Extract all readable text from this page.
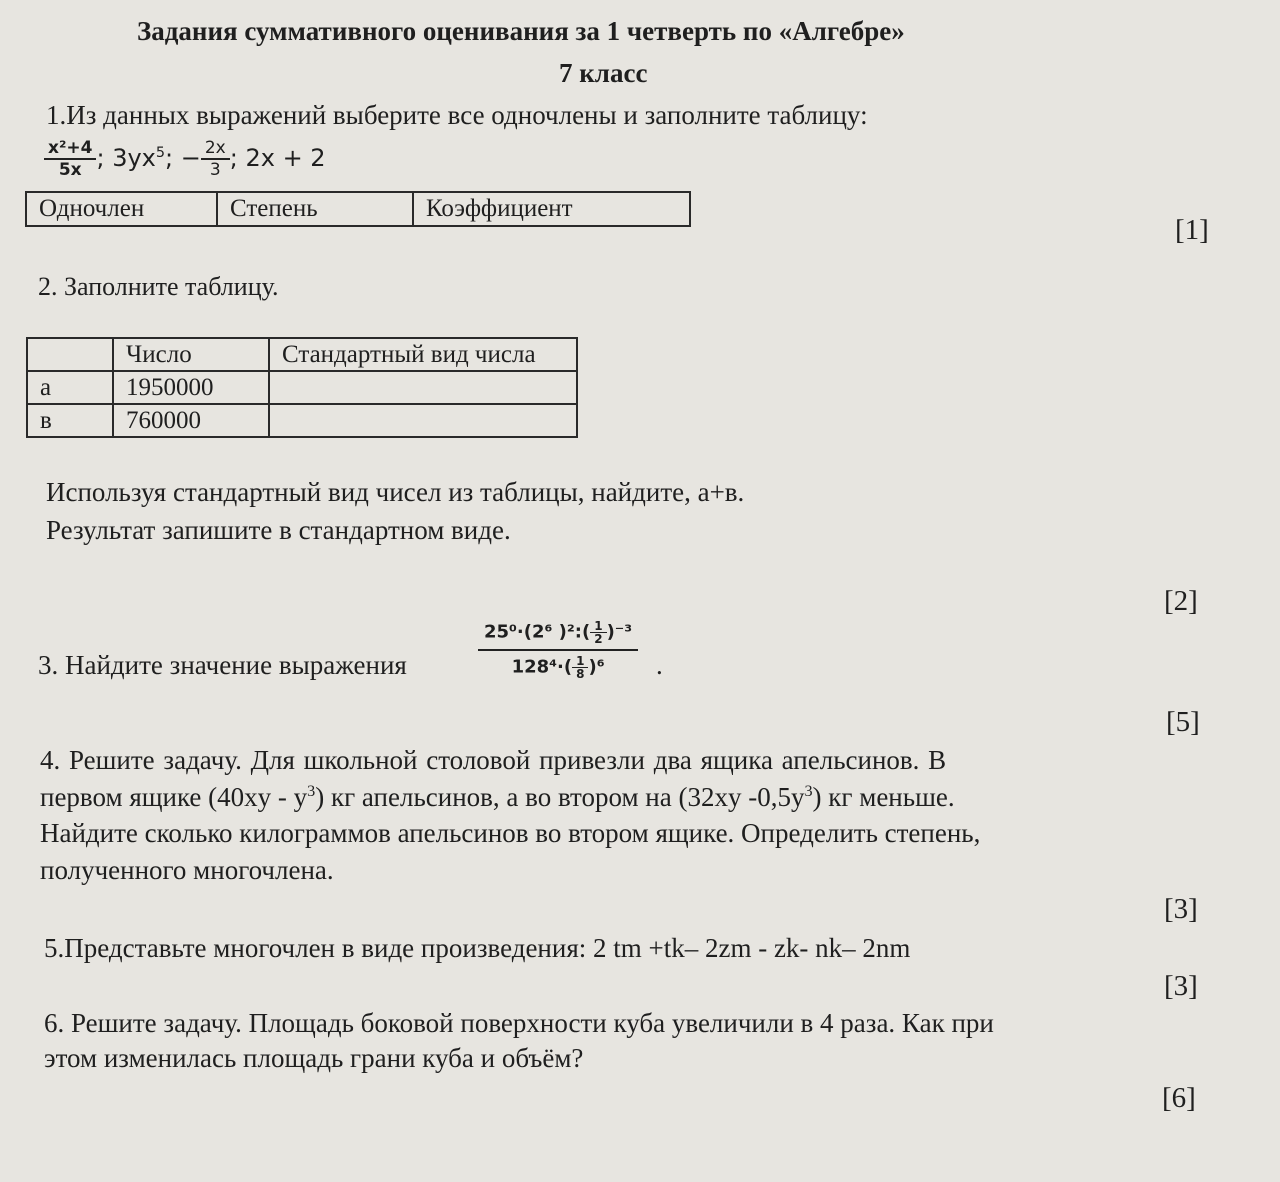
Задания суммативного оценивания за 1 четверть по «Алгебре»
7 класс
1.Из данных выражений выберите все одночлены и заполните таблицу:
$\frac{\text{x²+4}}{5x}$ ; $3yx^5$; − $\frac{2x}{3}$ ; 2x + 2
Одночлен	Степень	Коэффициент
[1]
2. Заполните таблицу.
	Число	Стандартный вид числа
а	1950000	
в	760000	
Используя стандартный вид чисел из таблицы, найдите, а+в.
Результат запишите в стандартном виде.
[2]
3. Найдите значение выражения	$\frac{25^0\cdot(2^6 )^2:( \frac{1}{2})^{-3}}{128^4\cdot( \frac{1}{8})^6}$ .
[5]
4. Решите задачу. Для школьной столовой привезли два ящика апельсинов. В
первом ящике $(40xy - y^3)$ кг апельсинов, а во втором на (32xy $-0,5y^3$) кг меньше.
Найдите сколько килограммов апельсинов во втором ящике. Определить степень,
полученного многочлена.
[3]
5.Представьте многочлен в виде произведения: 2 tm +tk– 2zm - zk- nk– 2nm
[3]
6. Решите задачу. Площадь боковой поверхности куба увеличили в 4 раза. Как при
этом изменилась площадь грани куба и объём?
[6]
